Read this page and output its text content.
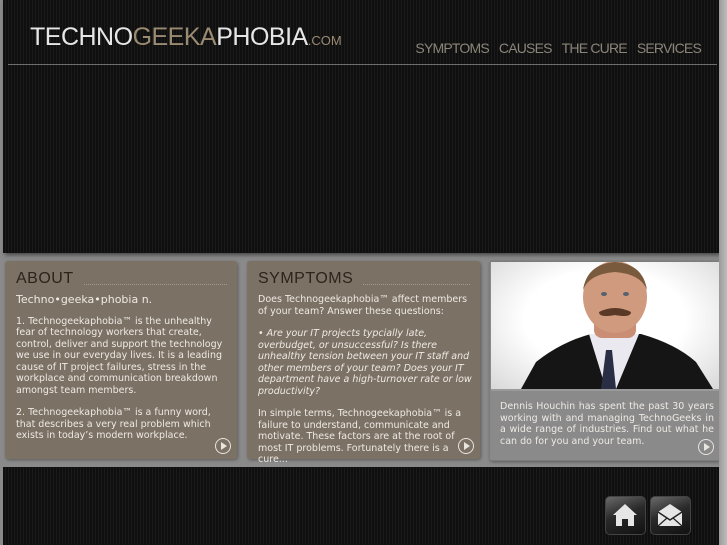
TECHNOGEEKAPHOBIA.COM	SYMPTOMS CAUSES THE CURE SERVICES
ABOUT

Techno•geeka•phobia n.

1. Technogeekaphobia™ is the unhealthy fear of technology workers that create, control, deliver and support the technology we use in our everyday lives. It is a leading cause of IT project failures, stress in the workplace and communication breakdown amongst team members.

2. Technogeekaphobia™ is a funny word, that describes a very real problem which exists in today’s modern workplace.

SYMPTOMS

Does Technogeekaphobia™ affect members of your team? Answer these questions:

• Are your IT projects typcially late, overbudget, or unsuccessful? Is there unhealthy tension between your IT staff and other members of your team? Does your IT department have a high-turnover rate or low productivity?

In simple terms, Technogeekaphobia™ is a failure to understand, communicate and motivate. These factors are at the root of most IT problems. Fortunately there is a cure...

Dennis Houchin has spent the past 30 years working with and managing TechnoGeeks in a wide range of industries. Find out what he can do for you and your team.
